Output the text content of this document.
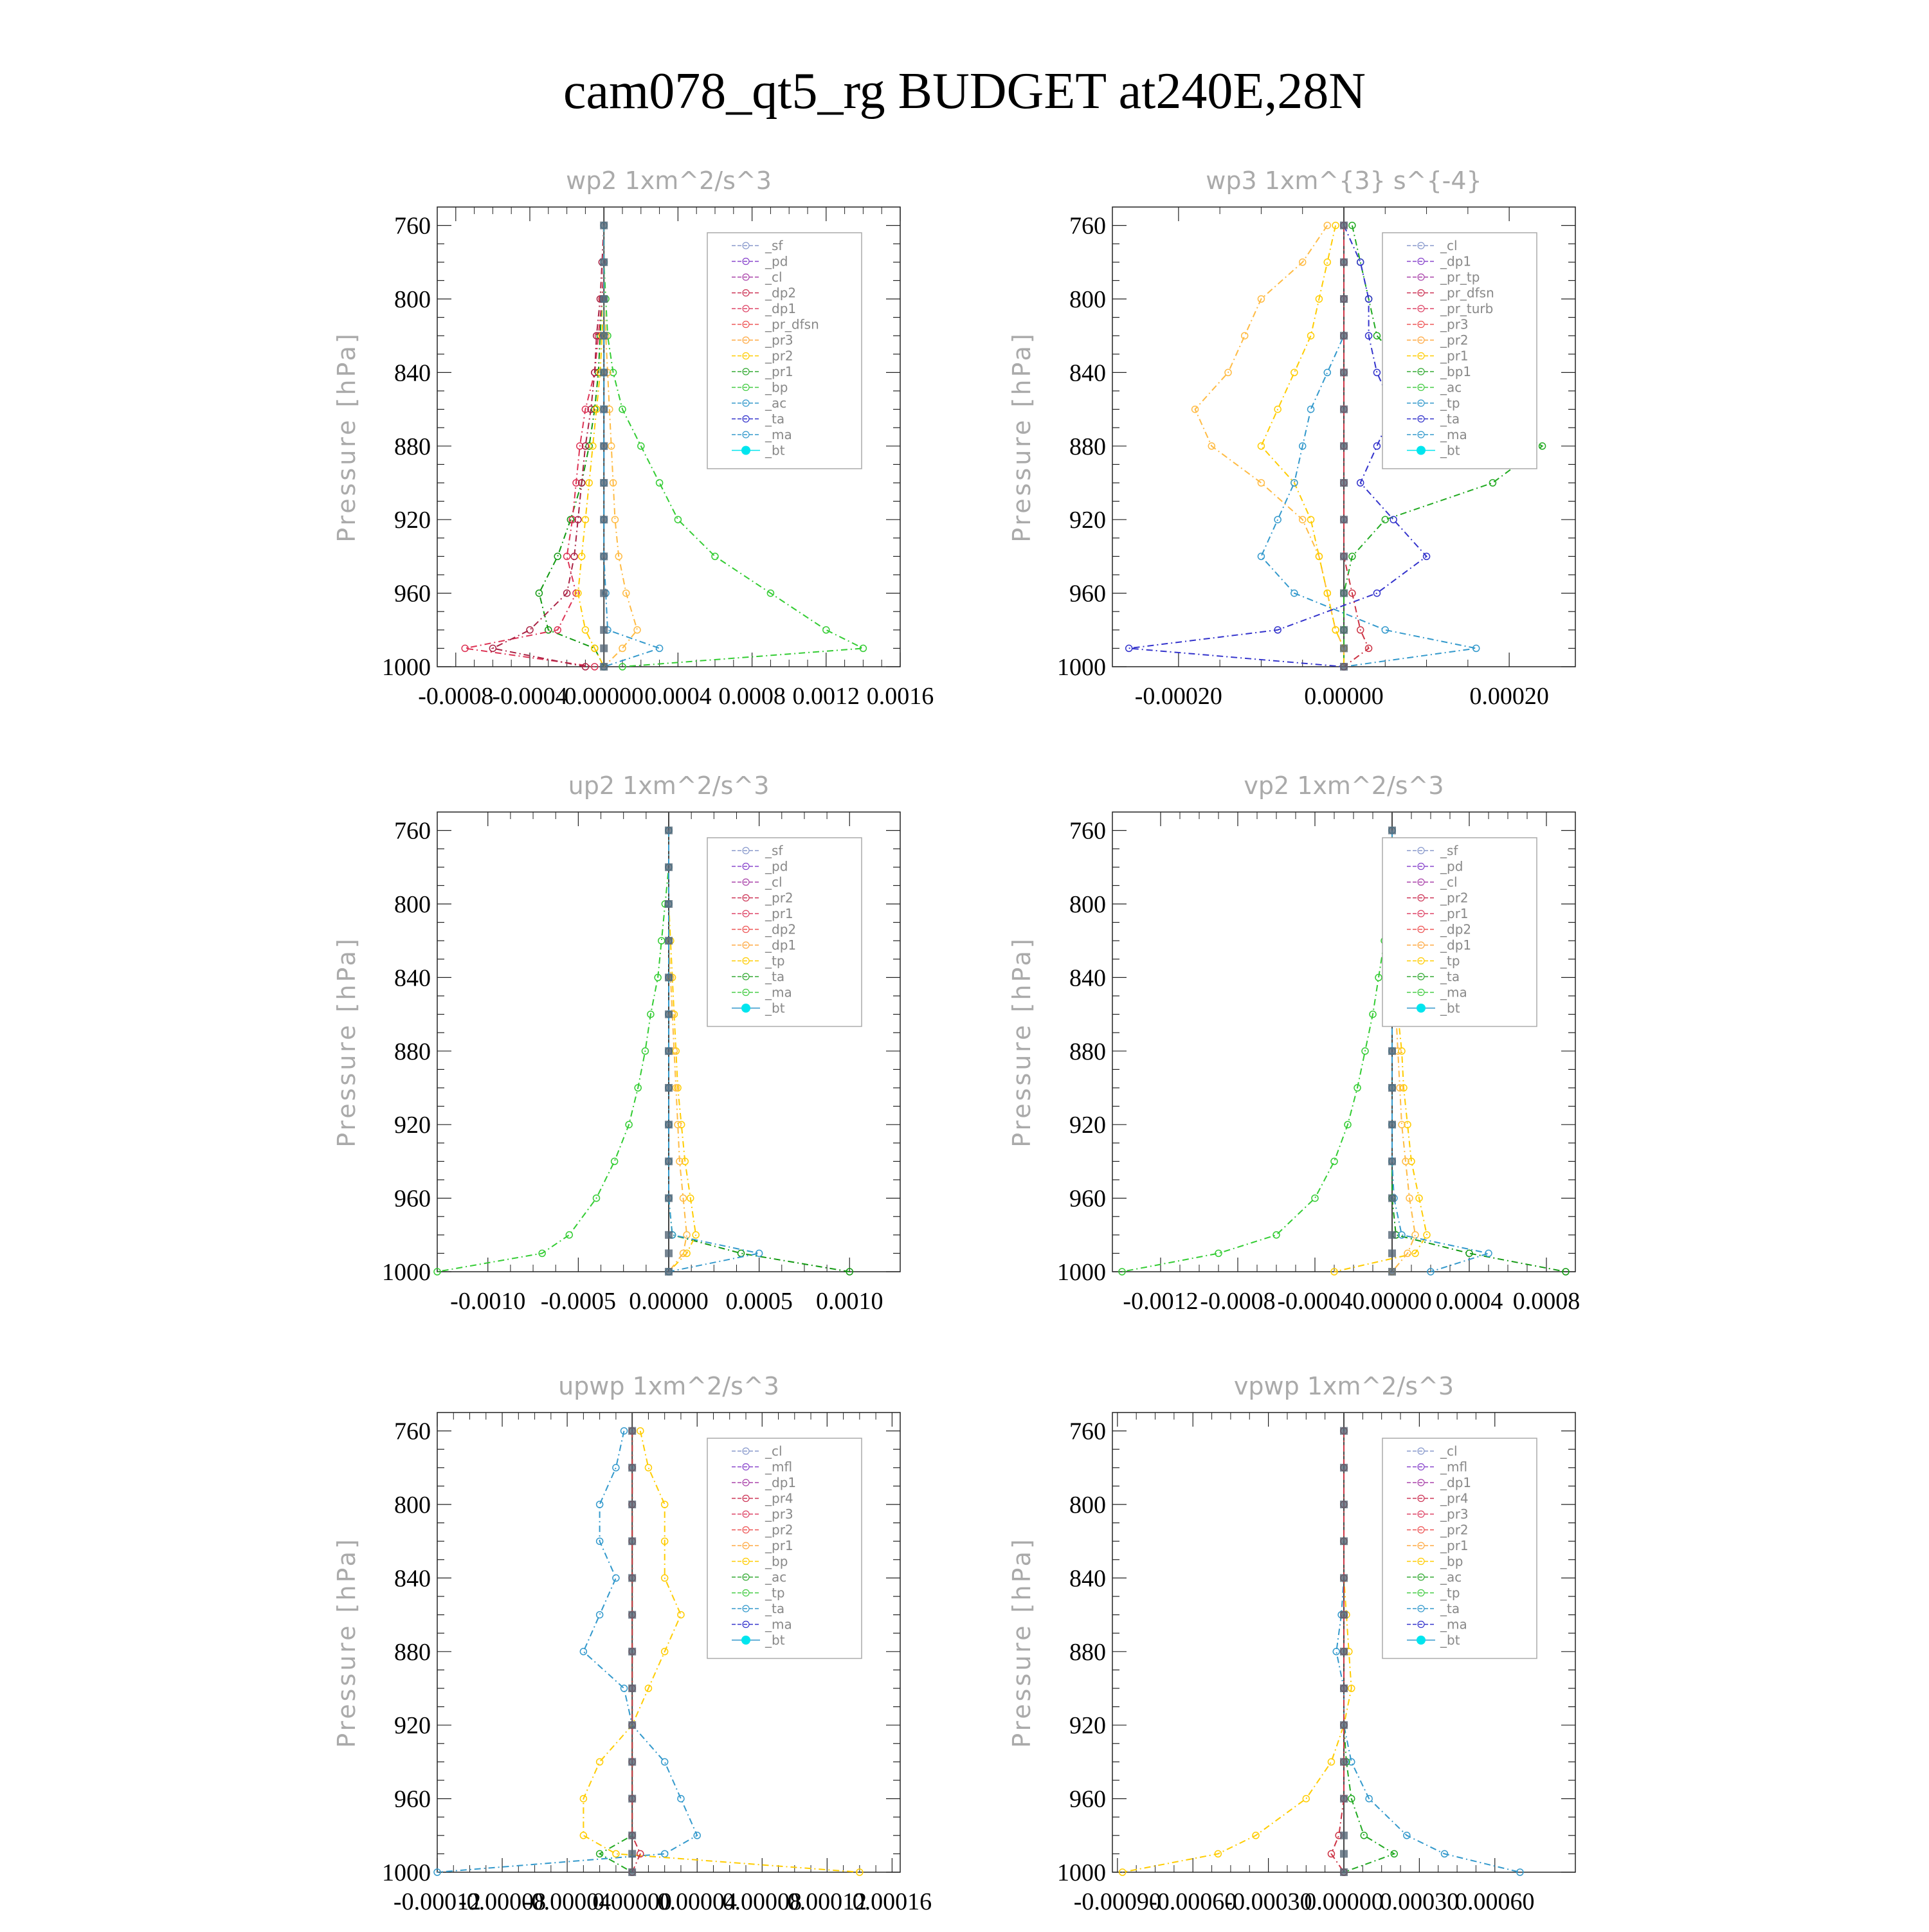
cam078_qt5_rg BUDGET at240E,28N
wp2 1xm^2/s^3
Pressure [hPa]
760
800
840
880
920
960
1000
-0.0008
-0.0004
0.00000 0.0004 0.0008 0.0012 0.0016
_sf
_pd
_cl
_dp2
_dp1
_pr_dfsn
_pr3
_pr2
_pr1
_bp
_ac
_ta
_ma
_bt
wp3 1xm^{3} s^{-4}
Pressure [hPa]
760
800
840
880
920
960
1000
-0.00020	0.00000	0.00020
_cl
_dp1
_pr_tp
_pr_dfsn
_pr_turb
_pr3
_pr2
_pr1
_bp1
_ac
_tp
_ta
_ma
_bt
up2 1xm^2/s^3
Pressure [hPa]
760
800
840
880
920
960
1000
-0.0010 -0.0005 0.00000 0.0005 0.0010
_sf
_pd
_cl
_pr2
_pr1
_dp2
_dp1
_tp
_ta
_ma
_bt
vp2 1xm^2/s^3
Pressure [hPa]
760
800
840
880
920
960
1000
-0.0012 -0.0008 -0.0004 0.00000 0.0004 0.0008
_sf
_pd
_cl
_pr2
_pr1
_dp2
_dp1
_tp
_ta
_ma
_bt
upwp 1xm^2/s^3
Pressure [hPa]
760
800
840
880
920
960
1000
-0.00012
-0.00008
-0.00004
0.00000
0.00004
0.00008
0.00012
0.00016
_cl
_mfl
_dp1
_pr4
_pr3
_pr2
_pr1
_bp
_ac
_tp
_ta
_ma
_bt
vpwp 1xm^2/s^3
Pressure [hPa]
760
800
840
880
920
960
1000
-0.00090
-0.00060
-0.00030
0.00000
0.00030
0.00060
_cl
_mfl
_dp1
_pr4
_pr3
_pr2
_pr1
_bp
_ac
_tp
_ta
_ma
_bt
